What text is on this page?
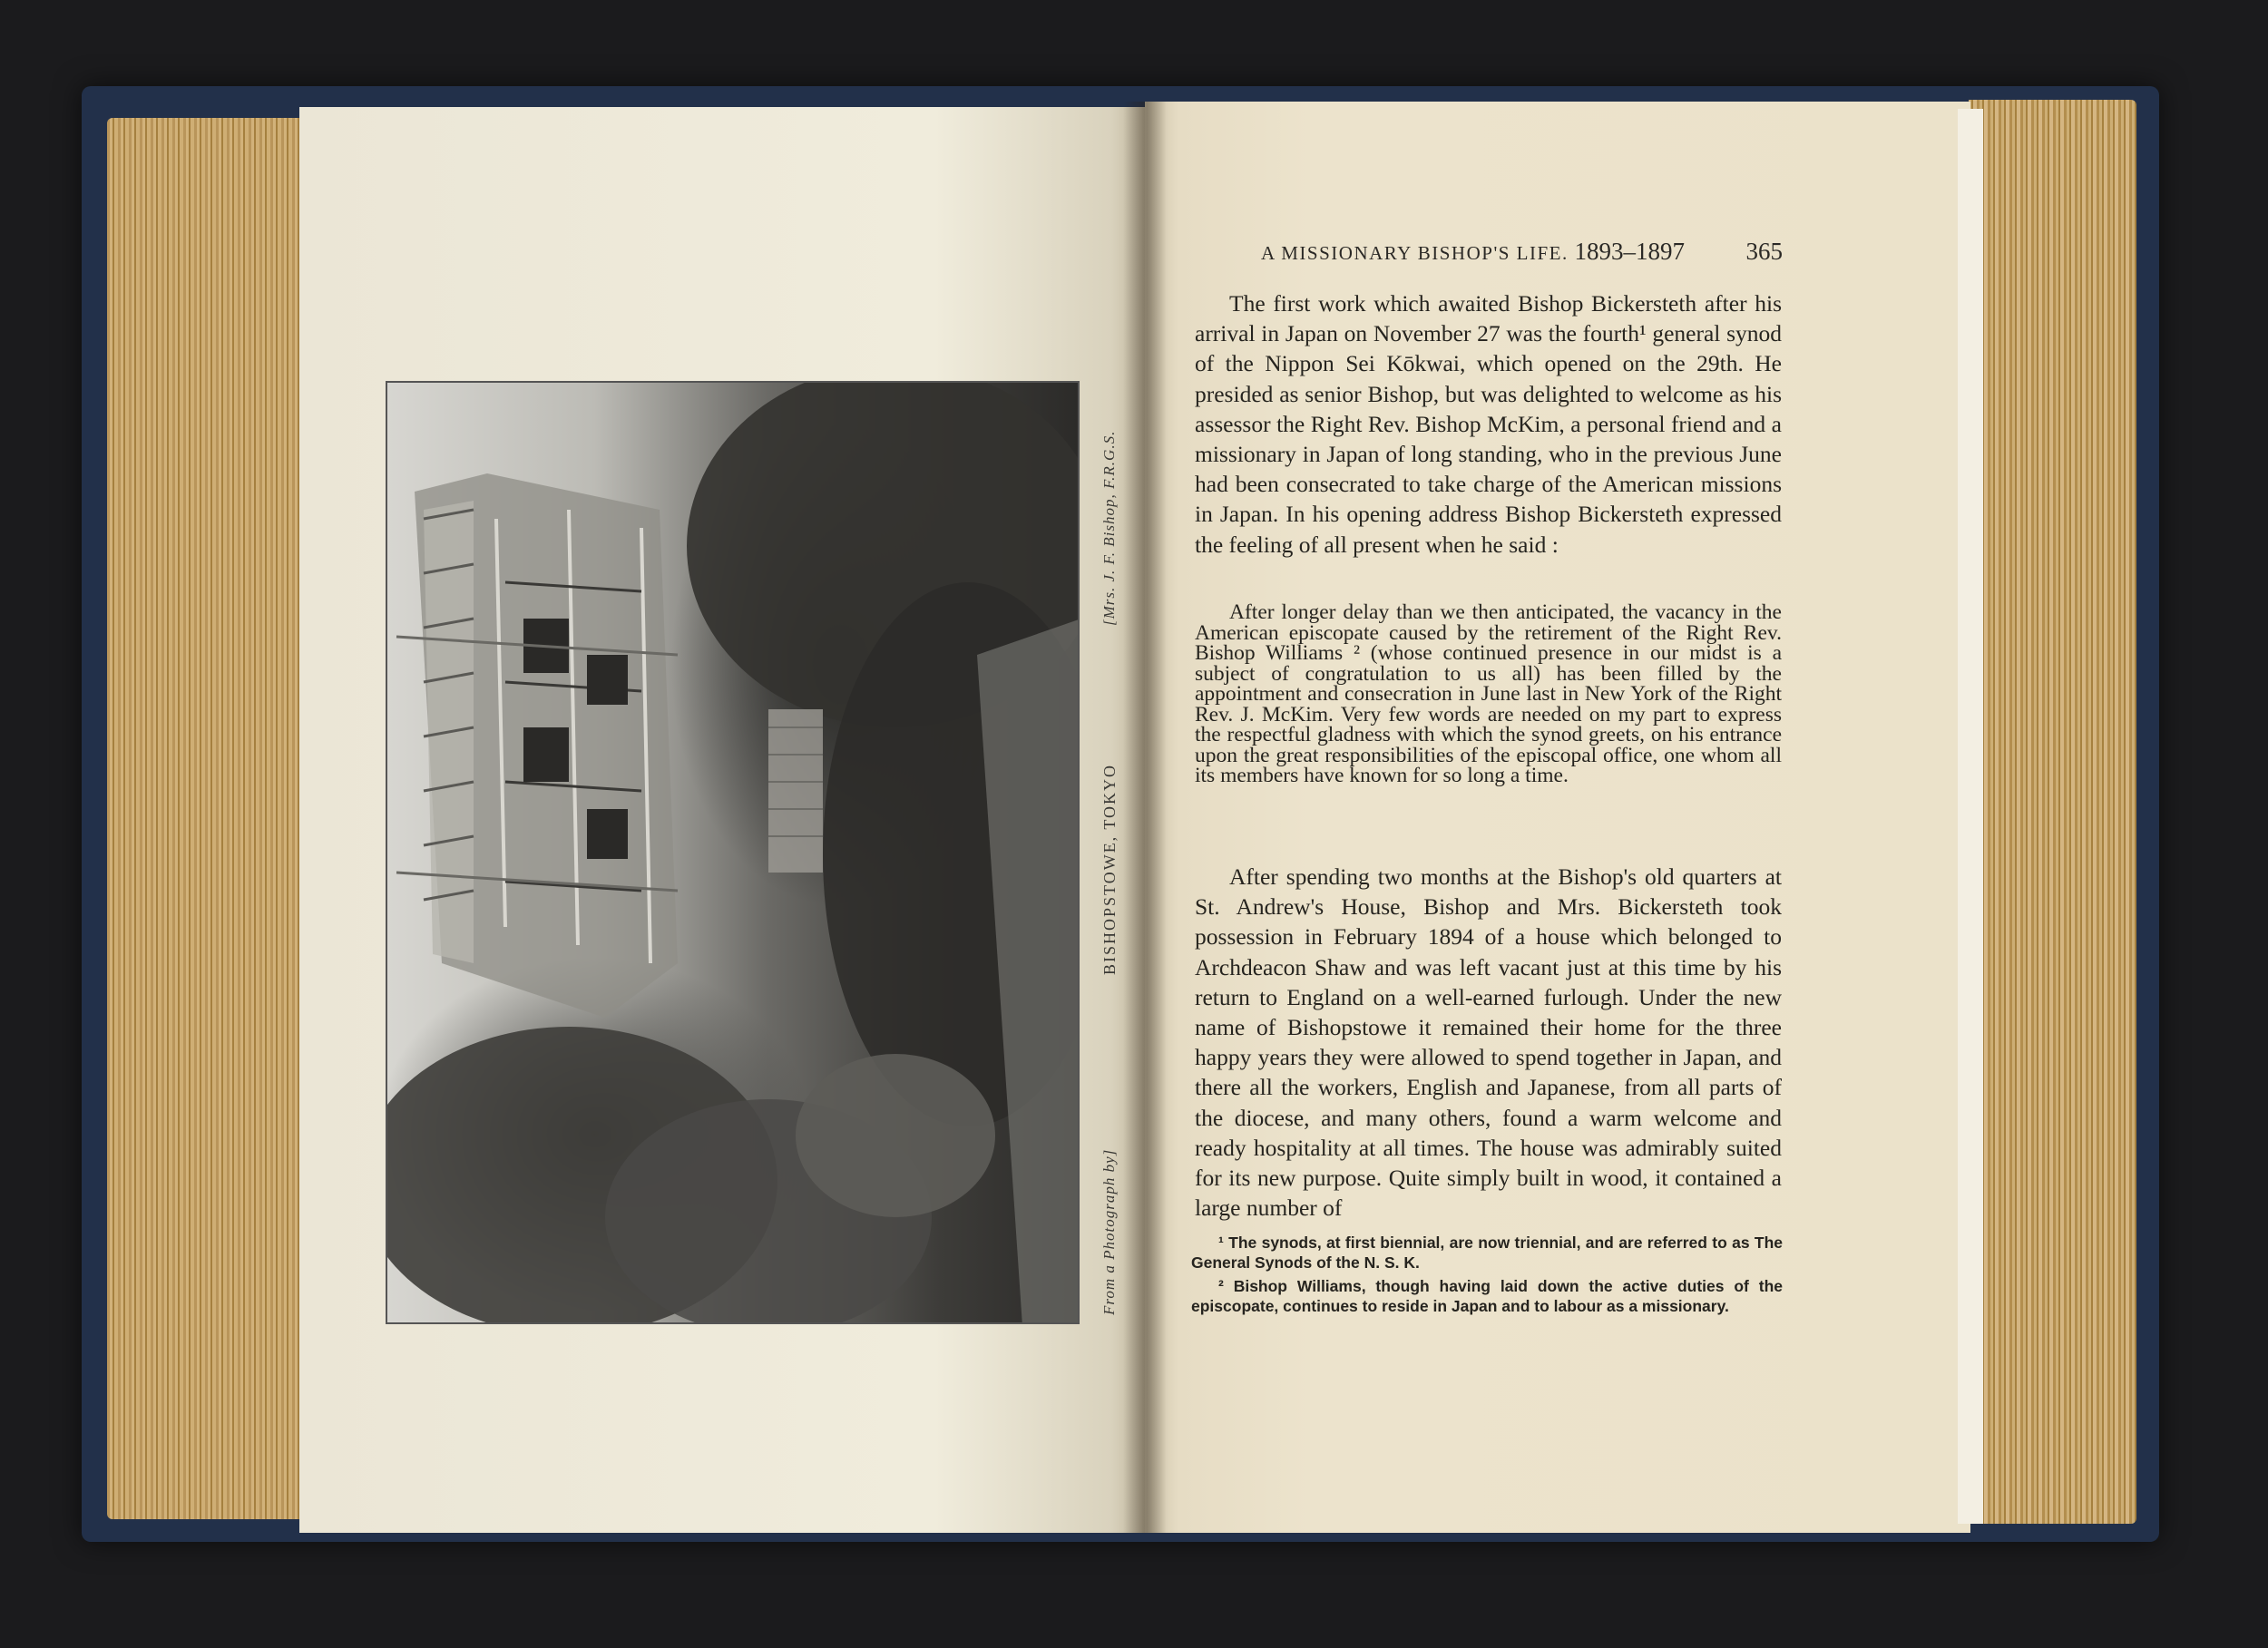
From a Photograph by]

BISHOPSTOWE, TOKYO

[Mrs. J. F. Bishop, F.R.G.S.

A MISSIONARY BISHOP'S LIFE. 1893–1897	365

The first work which awaited Bishop Bickersteth after his arrival in Japan on November 27 was the fourth¹ general synod of the Nippon Sei Kōkwai, which opened on the 29th. He presided as senior Bishop, but was delighted to welcome as his assessor the Right Rev. Bishop McKim, a personal friend and a missionary in Japan of long standing, who in the previous June had been consecrated to take charge of the American missions in Japan. In his opening address Bishop Bickersteth expressed the feeling of all present when he said :

After longer delay than we then anticipated, the vacancy in the American episcopate caused by the retirement of the Right Rev. Bishop Williams ² (whose continued presence in our midst is a subject of congratulation to us all) has been filled by the appointment and consecration in June last in New York of the Right Rev. J. McKim. Very few words are needed on my part to express the respectful gladness with which the synod greets, on his entrance upon the great responsibilities of the episcopal office, one whom all its members have known for so long a time.

After spending two months at the Bishop's old quarters at St. Andrew's House, Bishop and Mrs. Bickersteth took possession in February 1894 of a house which belonged to Archdeacon Shaw and was left vacant just at this time by his return to England on a well-earned furlough. Under the new name of Bishopstowe it remained their home for the three happy years they were allowed to spend together in Japan, and there all the workers, English and Japanese, from all parts of the diocese, and many others, found a warm welcome and ready hospitality at all times. The house was admirably suited for its new purpose. Quite simply built in wood, it contained a large number of

¹ The synods, at first biennial, are now triennial, and are referred to as The General Synods of the N. S. K.

² Bishop Williams, though having laid down the active duties of the episcopate, continues to reside in Japan and to labour as a missionary.
